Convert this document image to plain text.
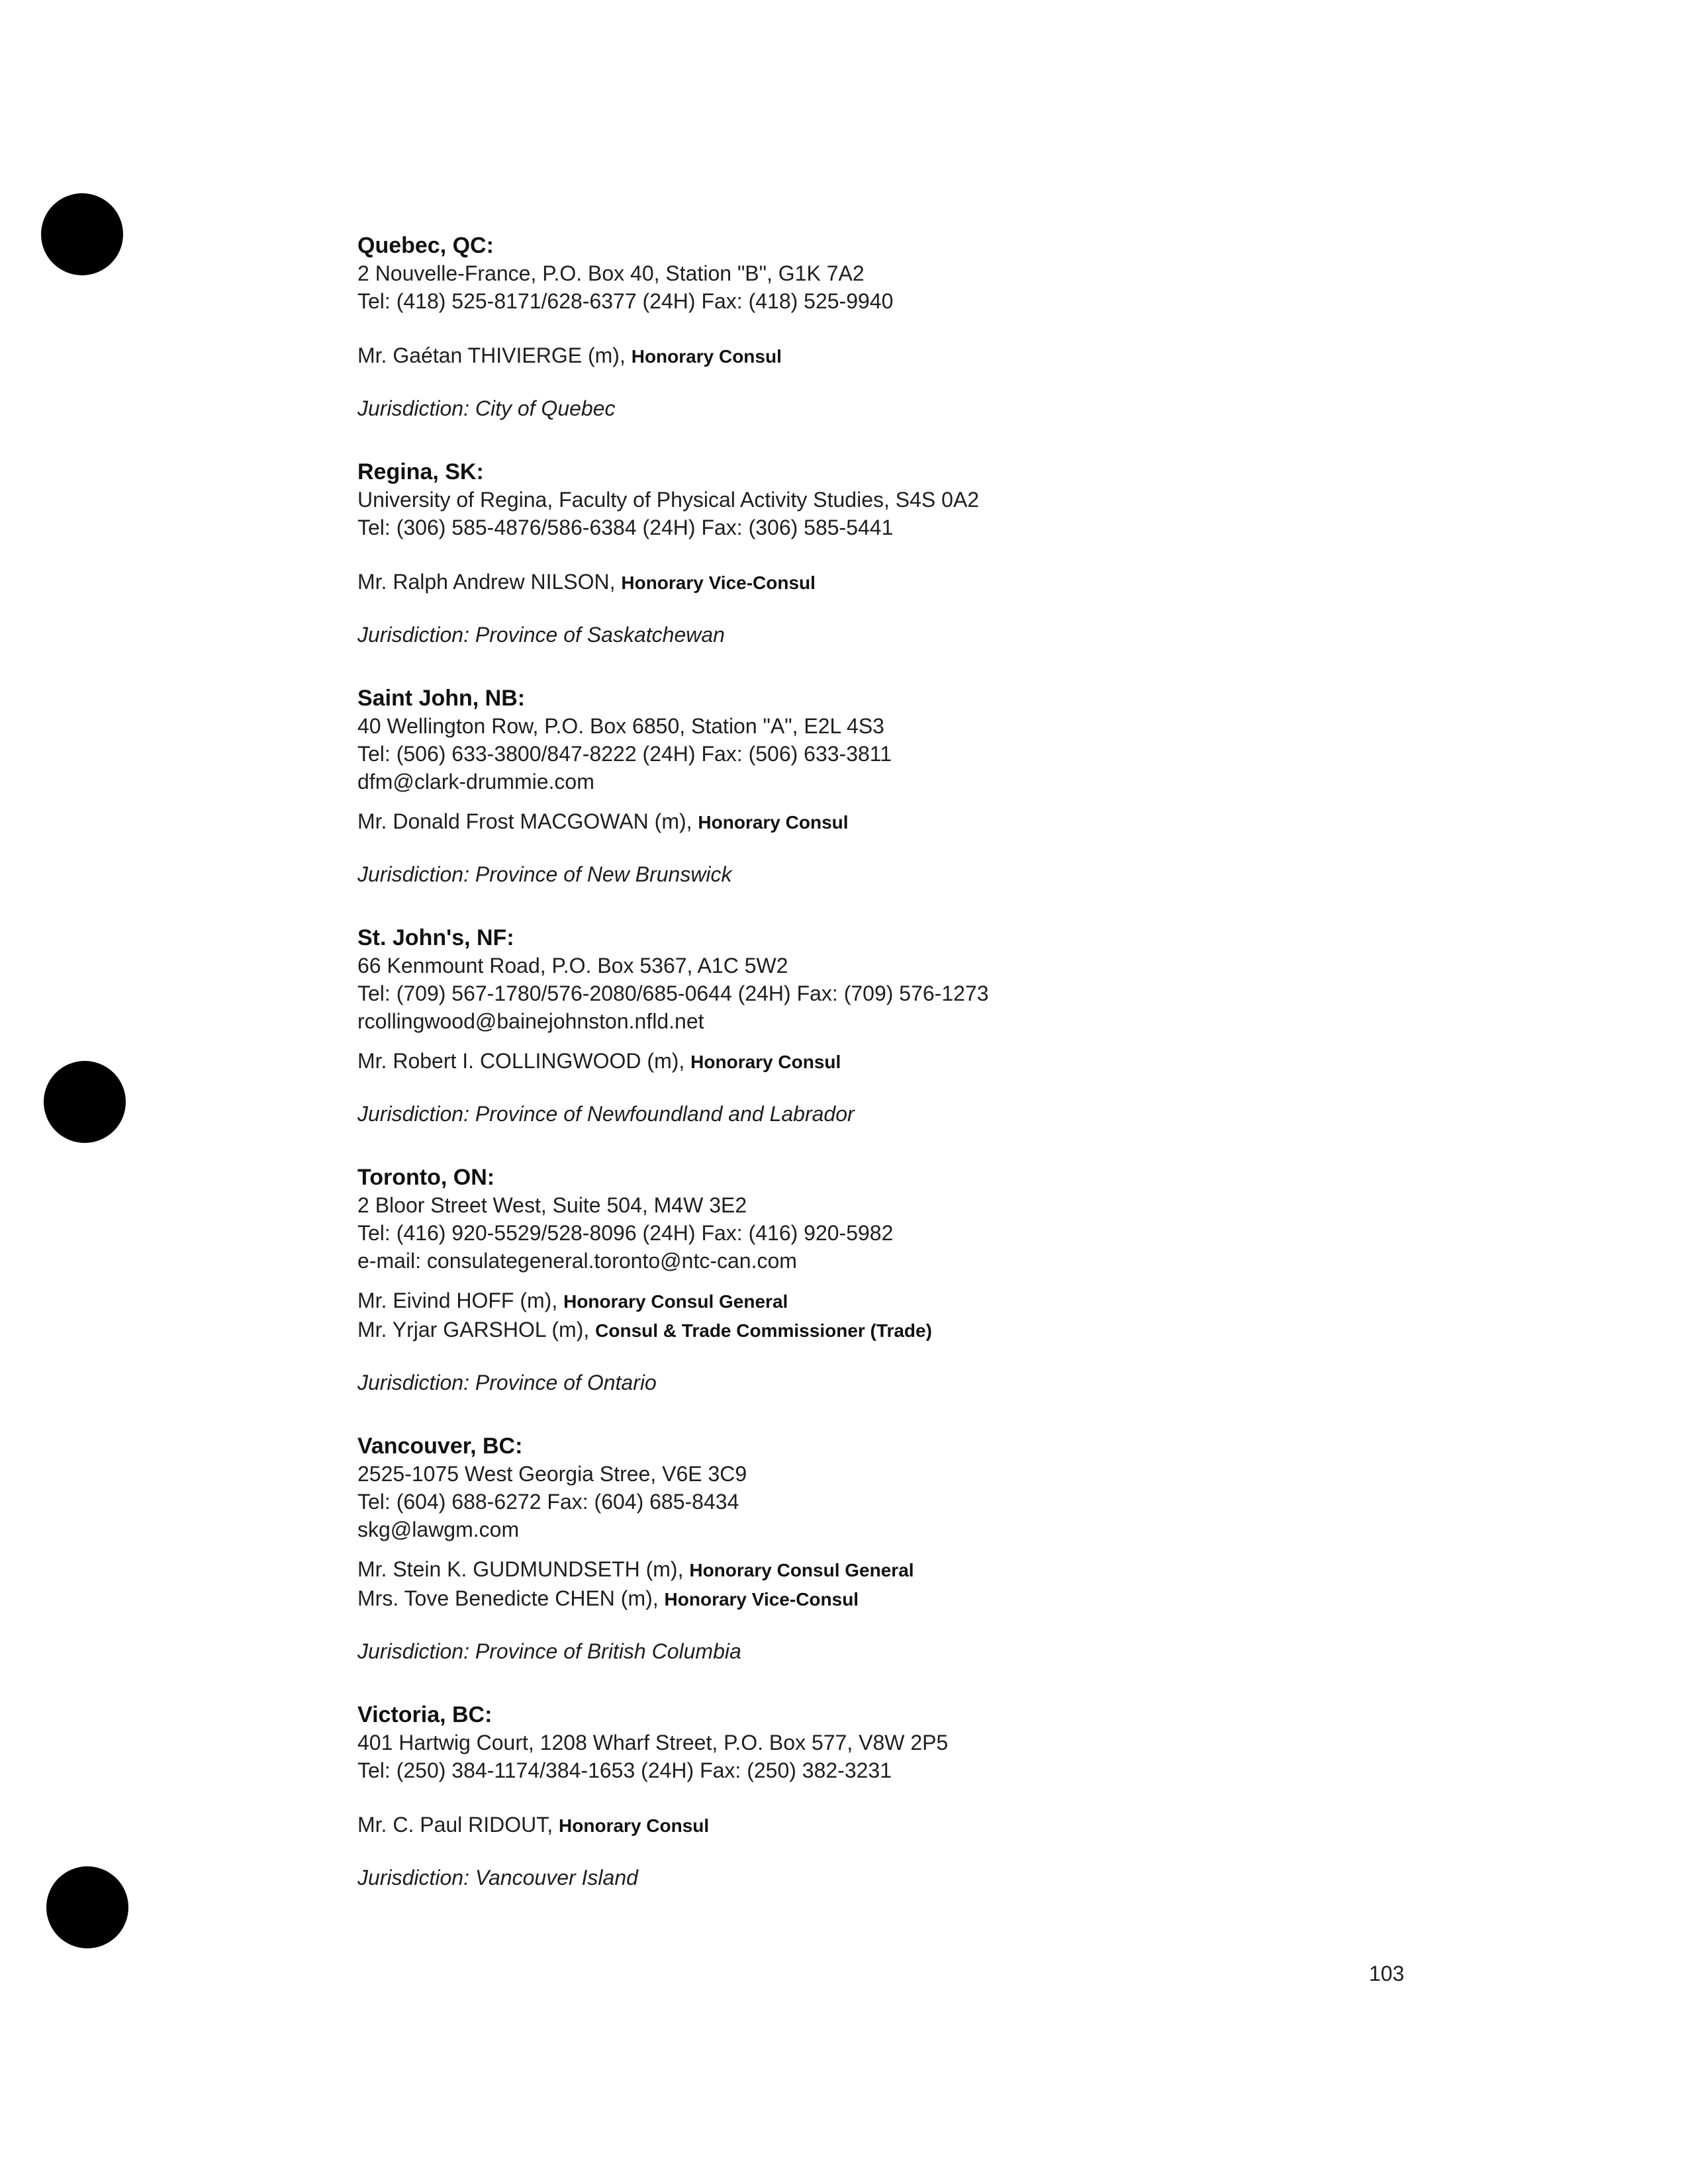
Quebec, QC:
2 Nouvelle-France, P.O. Box 40, Station "B", G1K 7A2
Tel: (418) 525-8171/628-6377 (24H) Fax: (418) 525-9940
Mr. Gaétan THIVIERGE (m), Honorary Consul
Jurisdiction: City of Quebec
Regina, SK:
University of Regina, Faculty of Physical Activity Studies, S4S 0A2
Tel: (306) 585-4876/586-6384 (24H) Fax: (306) 585-5441
Mr. Ralph Andrew NILSON, Honorary Vice-Consul
Jurisdiction: Province of Saskatchewan
Saint John, NB:
40 Wellington Row, P.O. Box 6850, Station "A", E2L 4S3
Tel: (506) 633-3800/847-8222 (24H) Fax: (506) 633-3811
dfm@clark-drummie.com
Mr. Donald Frost MACGOWAN (m), Honorary Consul
Jurisdiction: Province of New Brunswick
St. John's, NF:
66 Kenmount Road, P.O. Box 5367, A1C 5W2
Tel: (709) 567-1780/576-2080/685-0644 (24H) Fax: (709) 576-1273
rcollingwood@bainejohnston.nfld.net
Mr. Robert I. COLLINGWOOD (m), Honorary Consul
Jurisdiction: Province of Newfoundland and Labrador
Toronto, ON:
2 Bloor Street West, Suite 504, M4W 3E2
Tel: (416) 920-5529/528-8096 (24H) Fax: (416) 920-5982
e-mail: consulategeneral.toronto@ntc-can.com
Mr. Eivind HOFF (m), Honorary Consul General
Mr. Yrjar GARSHOL (m), Consul & Trade Commissioner (Trade)
Jurisdiction: Province of Ontario
Vancouver, BC:
2525-1075 West Georgia Stree, V6E 3C9
Tel: (604) 688-6272 Fax: (604) 685-8434
skg@lawgm.com
Mr. Stein K. GUDMUNDSETH (m), Honorary Consul General
Mrs. Tove Benedicte CHEN (m), Honorary Vice-Consul
Jurisdiction: Province of British Columbia
Victoria, BC:
401 Hartwig Court, 1208 Wharf Street, P.O. Box 577, V8W 2P5
Tel: (250) 384-1174/384-1653 (24H) Fax: (250) 382-3231
Mr. C. Paul RIDOUT, Honorary Consul
Jurisdiction: Vancouver Island
103
